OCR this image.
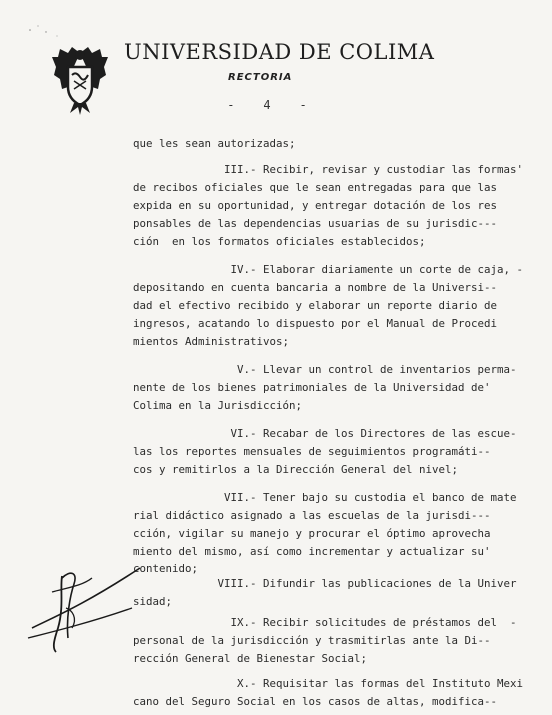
UNIVERSIDAD DE COLIMA
RECTORIA
-    4    -
que les sean autorizadas;
III.- Recibir, revisar y custodiar las formas'
de recibos oficiales que le sean entregadas para que las
expida en su oportunidad, y entregar dotación de los res
ponsables de las dependencias usuarias de su jurisdic---
ción  en los formatos oficiales establecidos;
IV.- Elaborar diariamente un corte de caja, -
depositando en cuenta bancaria a nombre de la Universi--
dad el efectivo recibido y elaborar un reporte diario de
ingresos, acatando lo dispuesto por el Manual de Procedi
mientos Administrativos;
V.- Llevar un control de inventarios perma-
nente de los bienes patrimoniales de la Universidad de'
Colima en la Jurisdicción;
VI.- Recabar de los Directores de las escue-
las los reportes mensuales de seguimientos programáti--
cos y remitirlos a la Dirección General del nivel;
VII.- Tener bajo su custodia el banco de mate
rial didáctico asignado a las escuelas de la jurisdi---
cción, vigilar su manejo y procurar el óptimo aprovecha
miento del mismo, así como incrementar y actualizar su'
contenido;
VIII.- Difundir las publicaciones de la Univer
sidad;
IX.- Recibir solicitudes de préstamos del  -
personal de la jurisdicción y trasmitirlas ante la Di--
rección General de Bienestar Social;
X.- Requisitar las formas del Instituto Mexi
cano del Seguro Social en los casos de altas, modifica--
